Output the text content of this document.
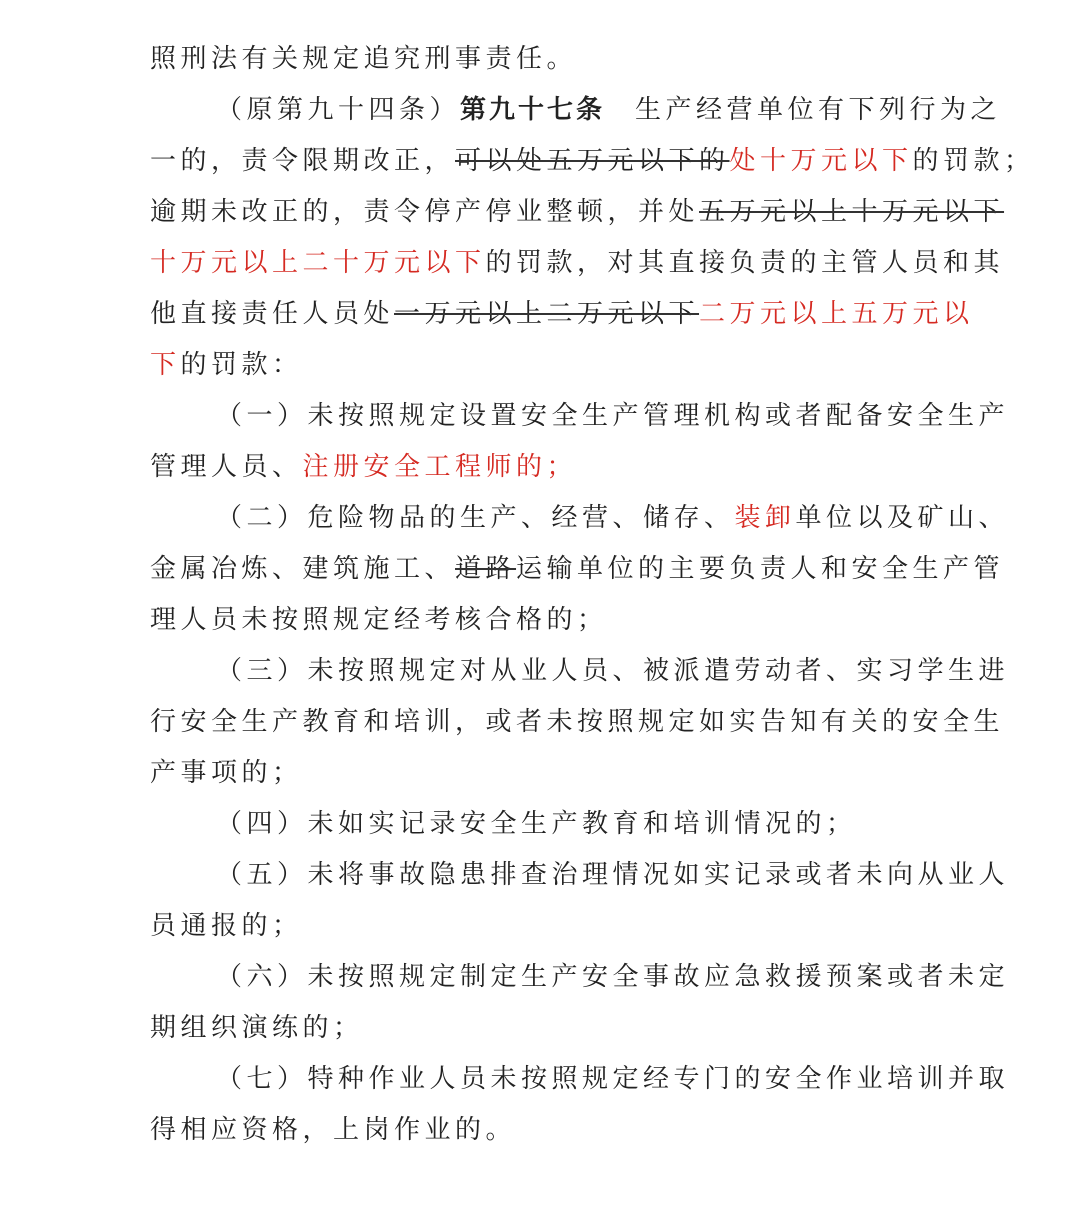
照刑法有关规定追究刑事责任。
（原第九十四条）第九十七条 生产经营单位有下列行为之
一的，责令限期改正，可以处五万元以下的处十万元以下的罚款；
逾期未改正的，责令停产停业整顿，并处五万元以上十万元以下
十万元以上二十万元以下的罚款，对其直接负责的主管人员和其
他直接责任人员处一万元以上二万元以下二万元以上五万元以
下的罚款：
（一）未按照规定设置安全生产管理机构或者配备安全生产
管理人员、注册安全工程师的；
（二）危险物品的生产、经营、储存、装卸单位以及矿山、
金属冶炼、建筑施工、道路运输单位的主要负责人和安全生产管
理人员未按照规定经考核合格的；
（三）未按照规定对从业人员、被派遣劳动者、实习学生进
行安全生产教育和培训，或者未按照规定如实告知有关的安全生
产事项的；
（四）未如实记录安全生产教育和培训情况的；
（五）未将事故隐患排查治理情况如实记录或者未向从业人
员通报的；
（六）未按照规定制定生产安全事故应急救援预案或者未定
期组织演练的；
（七）特种作业人员未按照规定经专门的安全作业培训并取
得相应资格，上岗作业的。
